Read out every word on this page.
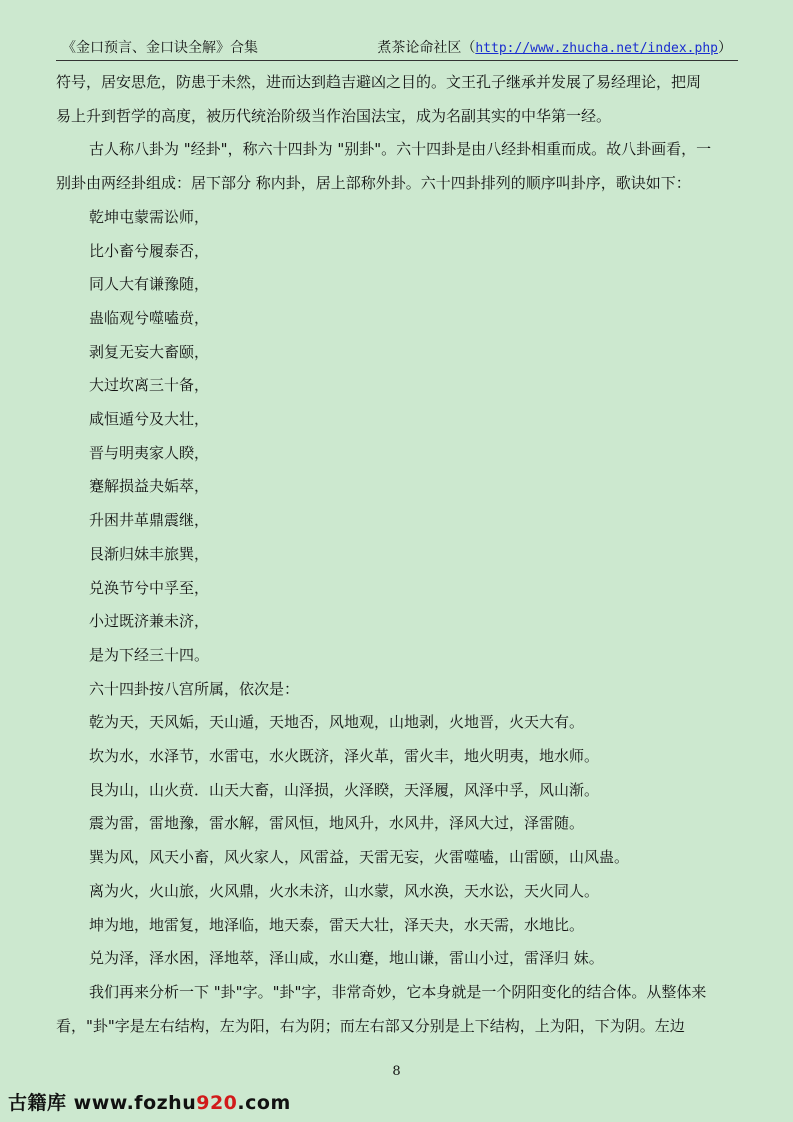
《金口预言、金口诀全解》合集	煮茶论命社区（http://www.zhucha.net/index.php）
符号，居安思危，防患于未然，进而达到趋吉避凶之目的。文王孔子继承并发展了易经理论，把周
易上升到哲学的高度，被历代统治阶级当作治国法宝，成为名副其实的中华第一经。
古人称八卦为 "经卦"，称六十四卦为 "别卦"。六十四卦是由八经卦相重而成。故八卦画看，一
别卦由两经卦组成：居下部分 称内卦，居上部称外卦。六十四卦排列的顺序叫卦序，歌诀如下：
乾坤屯蒙需讼师，
比小畜兮履泰否，
同人大有谦豫随，
蛊临观兮噬嗑贲，
剥复无妄大畜颐，
大过坎离三十备，
咸恒遁兮及大壮，
晋与明夷家人睽，
蹇解损益夬姤萃，
升困井革鼎震继，
艮渐归妹丰旅巽，
兑涣节兮中孚至，
小过既济兼未济，
是为下经三十四。
六十四卦按八宫所属，依次是：
乾为天，天风姤，天山遁，天地否，风地观，山地剥，火地晋，火天大有。
坎为水，水泽节，水雷屯，水火既济，泽火革，雷火丰，地火明夷，地水师。
艮为山，山火贲．山天大畜，山泽损，火泽睽，天泽履，风泽中孚，风山渐。
震为雷，雷地豫，雷水解，雷风恒，地风升，水风井，泽风大过，泽雷随。
巽为风，风天小畜，风火家人，风雷益，天雷无妄，火雷噬嗑，山雷颐，山风蛊。
离为火，火山旅，火风鼎，火水未济，山水蒙，风水涣，天水讼，天火同人。
坤为地，地雷复，地泽临，地天泰，雷天大壮，泽天夬，水天需，水地比。
兑为泽，泽水困，泽地萃，泽山咸，水山蹇，地山谦，雷山小过，雷泽归 妹。
我们再来分析一下 "卦"字。"卦"字，非常奇妙，它本身就是一个阴阳变化的结合体。从整体来
看，"卦"字是左右结构，左为阳，右为阴；而左右部又分别是上下结构，上为阳，下为阴。左边
8
古籍库 www.fozhu920.com
